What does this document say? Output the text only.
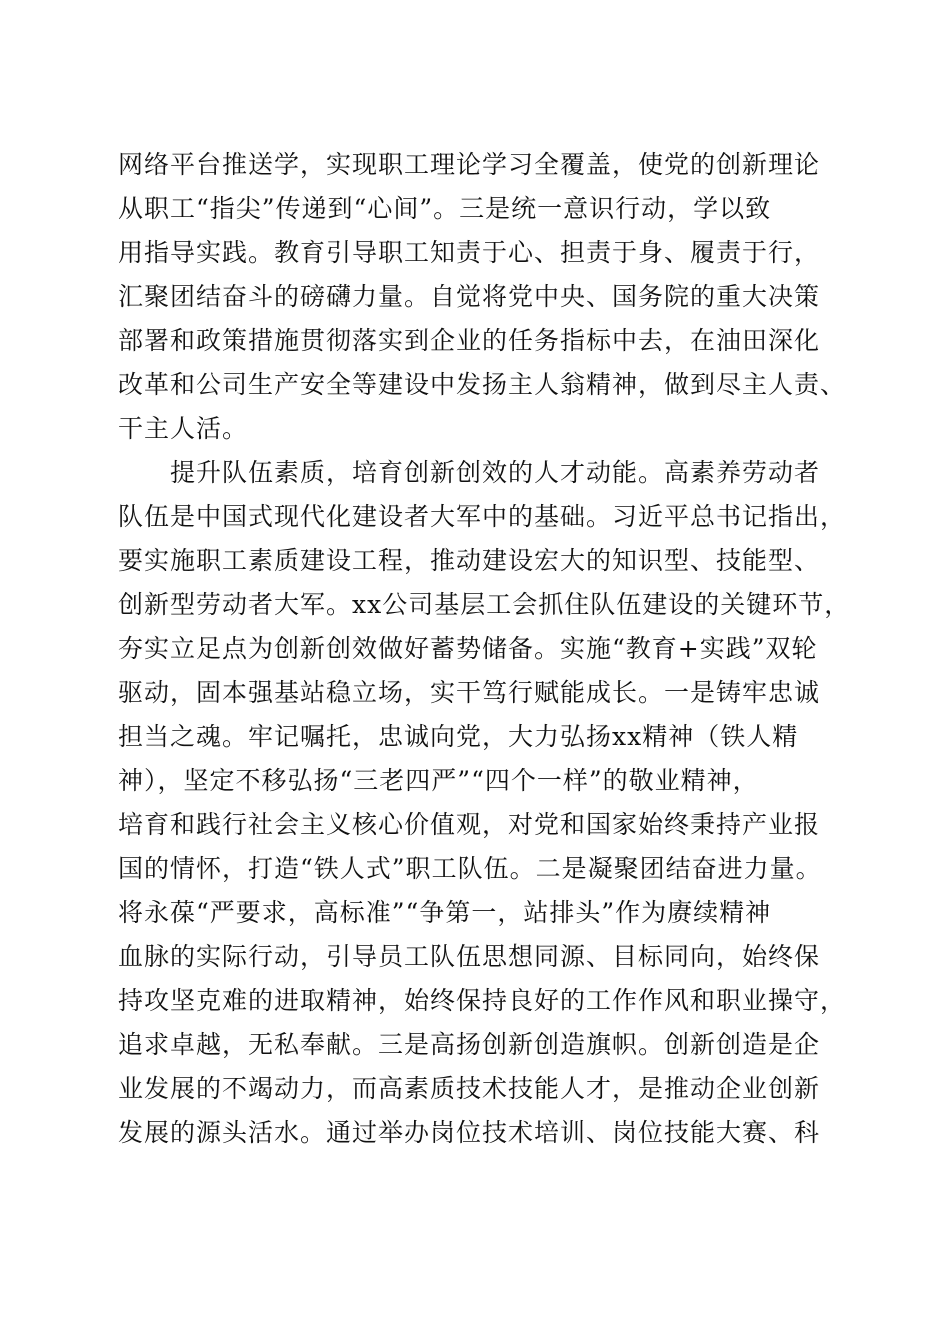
网络平台推送学，实现职工理论学习全覆盖，使党的创新理论
从职工“指尖”传递到“心间”。三是统一意识行动，学以致
用指导实践。教育引导职工知责于心、担责于身、履责于行，
汇聚团结奋斗的磅礴力量。自觉将党中央、国务院的重大决策
部署和政策措施贯彻落实到企业的任务指标中去，在油田深化
改革和公司生产安全等建设中发扬主人翁精神，做到尽主人责、
干主人活。
提升队伍素质，培育创新创效的人才动能。高素养劳动者
队伍是中国式现代化建设者大军中的基础。习近平总书记指出，
要实施职工素质建设工程，推动建设宏大的知识型、技能型、
创新型劳动者大军。xx公司基层工会抓住队伍建设的关键环节，
夯实立足点为创新创效做好蓄势储备。实施“教育+实践”双轮
驱动，固本强基站稳立场，实干笃行赋能成长。一是铸牢忠诚
担当之魂。牢记嘱托，忠诚向党，大力弘扬xx精神（铁人精
神），坚定不移弘扬“三老四严”“四个一样”的敬业精神，
培育和践行社会主义核心价值观，对党和国家始终秉持产业报
国的情怀，打造“铁人式”职工队伍。二是凝聚团结奋进力量。
将永葆“严要求，高标准”“争第一，站排头”作为赓续精神
血脉的实际行动，引导员工队伍思想同源、目标同向，始终保
持攻坚克难的进取精神，始终保持良好的工作作风和职业操守，
追求卓越，无私奉献。三是高扬创新创造旗帜。创新创造是企
业发展的不竭动力，而高素质技术技能人才，是推动企业创新
发展的源头活水。通过举办岗位技术培训、岗位技能大赛、科
